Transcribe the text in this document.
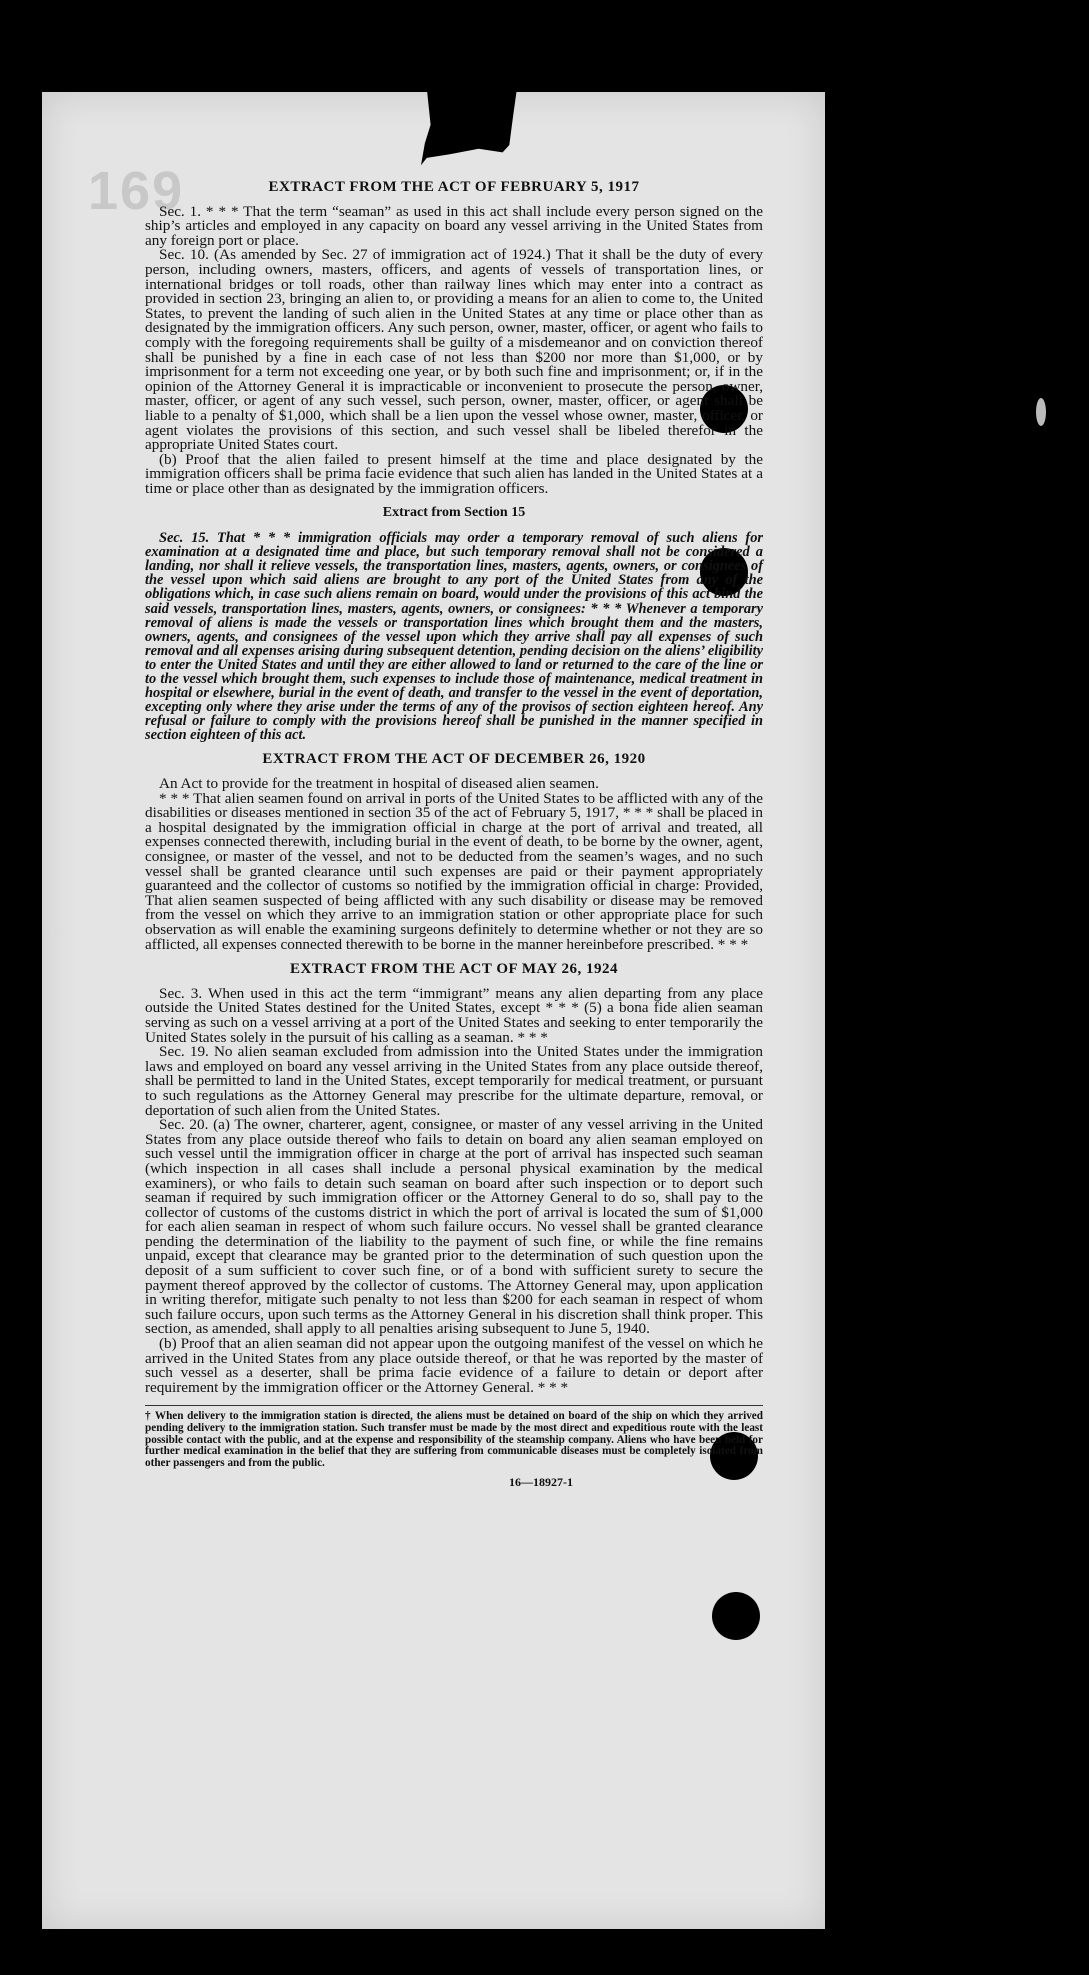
169	EXTRACT FROM THE ACT OF FEBRUARY 5, 1917

Sec. 1. * * * That the term “seaman” as used in this act shall include every person signed on the ship’s articles and employed in any capacity on board any vessel arriving in the United States from any foreign port or place.

Sec. 10. (As amended by Sec. 27 of immigration act of 1924.) That it shall be the duty of every person, including owners, masters, officers, and agents of vessels of transportation lines, or international bridges or toll roads, other than railway lines which may enter into a contract as provided in section 23, bringing an alien to, or providing a means for an alien to come to, the United States, to prevent the landing of such alien in the United States at any time or place other than as designated by the immigration officers. Any such person, owner, master, officer, or agent who fails to comply with the foregoing requirements shall be guilty of a misdemeanor and on conviction thereof shall be punished by a fine in each case of not less than $200 nor more than $1,000, or by imprisonment for a term not exceeding one year, or by both such fine and imprisonment; or, if in the opinion of the Attorney General it is impracticable or inconvenient to prosecute the person, owner, master, officer, or agent of any such vessel, such person, owner, master, officer, or agent shall be liable to a penalty of $1,000, which shall be a lien upon the vessel whose owner, master, officer, or agent violates the provisions of this section, and such vessel shall be libeled therefor in the appropriate United States court.

(b) Proof that the alien failed to present himself at the time and place designated by the immigration officers shall be prima facie evidence that such alien has landed in the United States at a time or place other than as designated by the immigration officers.

Extract from Section 15

Sec. 15. That * * * immigration officials may order a temporary removal of such aliens for examination at a designated time and place, but such temporary removal shall not be considered a landing, nor shall it relieve vessels, the transportation lines, masters, agents, owners, or consignees of the vessel upon which said aliens are brought to any port of the United States from any of the obligations which, in case such aliens remain on board, would under the provisions of this act bind the said vessels, transportation lines, masters, agents, owners, or consignees: * * * Whenever a temporary removal of aliens is made the vessels or transportation lines which brought them and the masters, owners, agents, and consignees of the vessel upon which they arrive shall pay all expenses of such removal and all expenses arising during subsequent detention, pending decision on the aliens’ eligibility to enter the United States and until they are either allowed to land or returned to the care of the line or to the vessel which brought them, such expenses to include those of maintenance, medical treatment in hospital or elsewhere, burial in the event of death, and transfer to the vessel in the event of deportation, excepting only where they arise under the terms of any of the provisos of section eighteen hereof. Any refusal or failure to comply with the provisions hereof shall be punished in the manner specified in section eighteen of this act.

EXTRACT FROM THE ACT OF DECEMBER 26, 1920

An Act to provide for the treatment in hospital of diseased alien seamen.

* * * That alien seamen found on arrival in ports of the United States to be afflicted with any of the disabilities or diseases mentioned in section 35 of the act of February 5, 1917, * * * shall be placed in a hospital designated by the immigration official in charge at the port of arrival and treated, all expenses connected therewith, including burial in the event of death, to be borne by the owner, agent, consignee, or master of the vessel, and not to be deducted from the seamen’s wages, and no such vessel shall be granted clearance until such expenses are paid or their payment appropriately guaranteed and the collector of customs so notified by the immigration official in charge: Provided, That alien seamen suspected of being afflicted with any such disability or disease may be removed from the vessel on which they arrive to an immigration station or other appropriate place for such observation as will enable the examining surgeons definitely to determine whether or not they are so afflicted, all expenses connected therewith to be borne in the manner hereinbefore prescribed. * * *

EXTRACT FROM THE ACT OF MAY 26, 1924

Sec. 3. When used in this act the term “immigrant” means any alien departing from any place outside the United States destined for the United States, except * * * (5) a bona fide alien seaman serving as such on a vessel arriving at a port of the United States and seeking to enter temporarily the United States solely in the pursuit of his calling as a seaman. * * *

Sec. 19. No alien seaman excluded from admission into the United States under the immigration laws and employed on board any vessel arriving in the United States from any place outside thereof, shall be permitted to land in the United States, except temporarily for medical treatment, or pursuant to such regulations as the Attorney General may prescribe for the ultimate departure, removal, or deportation of such alien from the United States.

Sec. 20. (a) The owner, charterer, agent, consignee, or master of any vessel arriving in the United States from any place outside thereof who fails to detain on board any alien seaman employed on such vessel until the immigration officer in charge at the port of arrival has inspected such seaman (which inspection in all cases shall include a personal physical examination by the medical examiners), or who fails to detain such seaman on board after such inspection or to deport such seaman if required by such immigration officer or the Attorney General to do so, shall pay to the collector of customs of the customs district in which the port of arrival is located the sum of $1,000 for each alien seaman in respect of whom such failure occurs. No vessel shall be granted clearance pending the determination of the liability to the payment of such fine, or while the fine remains unpaid, except that clearance may be granted prior to the determination of such question upon the deposit of a sum sufficient to cover such fine, or of a bond with sufficient surety to secure the payment thereof approved by the collector of customs. The Attorney General may, upon application in writing therefor, mitigate such penalty to not less than $200 for each seaman in respect of whom such failure occurs, upon such terms as the Attorney General in his discretion shall think proper. This section, as amended, shall apply to all penalties arising subsequent to June 5, 1940.

(b) Proof that an alien seaman did not appear upon the outgoing manifest of the vessel on which he arrived in the United States from any place outside thereof, or that he was reported by the master of such vessel as a deserter, shall be prima facie evidence of a failure to detain or deport after requirement by the immigration officer or the Attorney General. * * *

† When delivery to the immigration station is directed, the aliens must be detained on board of the ship on which they arrived pending delivery to the immigration station. Such transfer must be made by the most direct and expeditious route with the least possible contact with the public, and at the expense and responsibility of the steamship company. Aliens who have been held for further medical examination in the belief that they are suffering from communicable diseases must be completely isolated from other passengers and from the public.
16—18927-1
